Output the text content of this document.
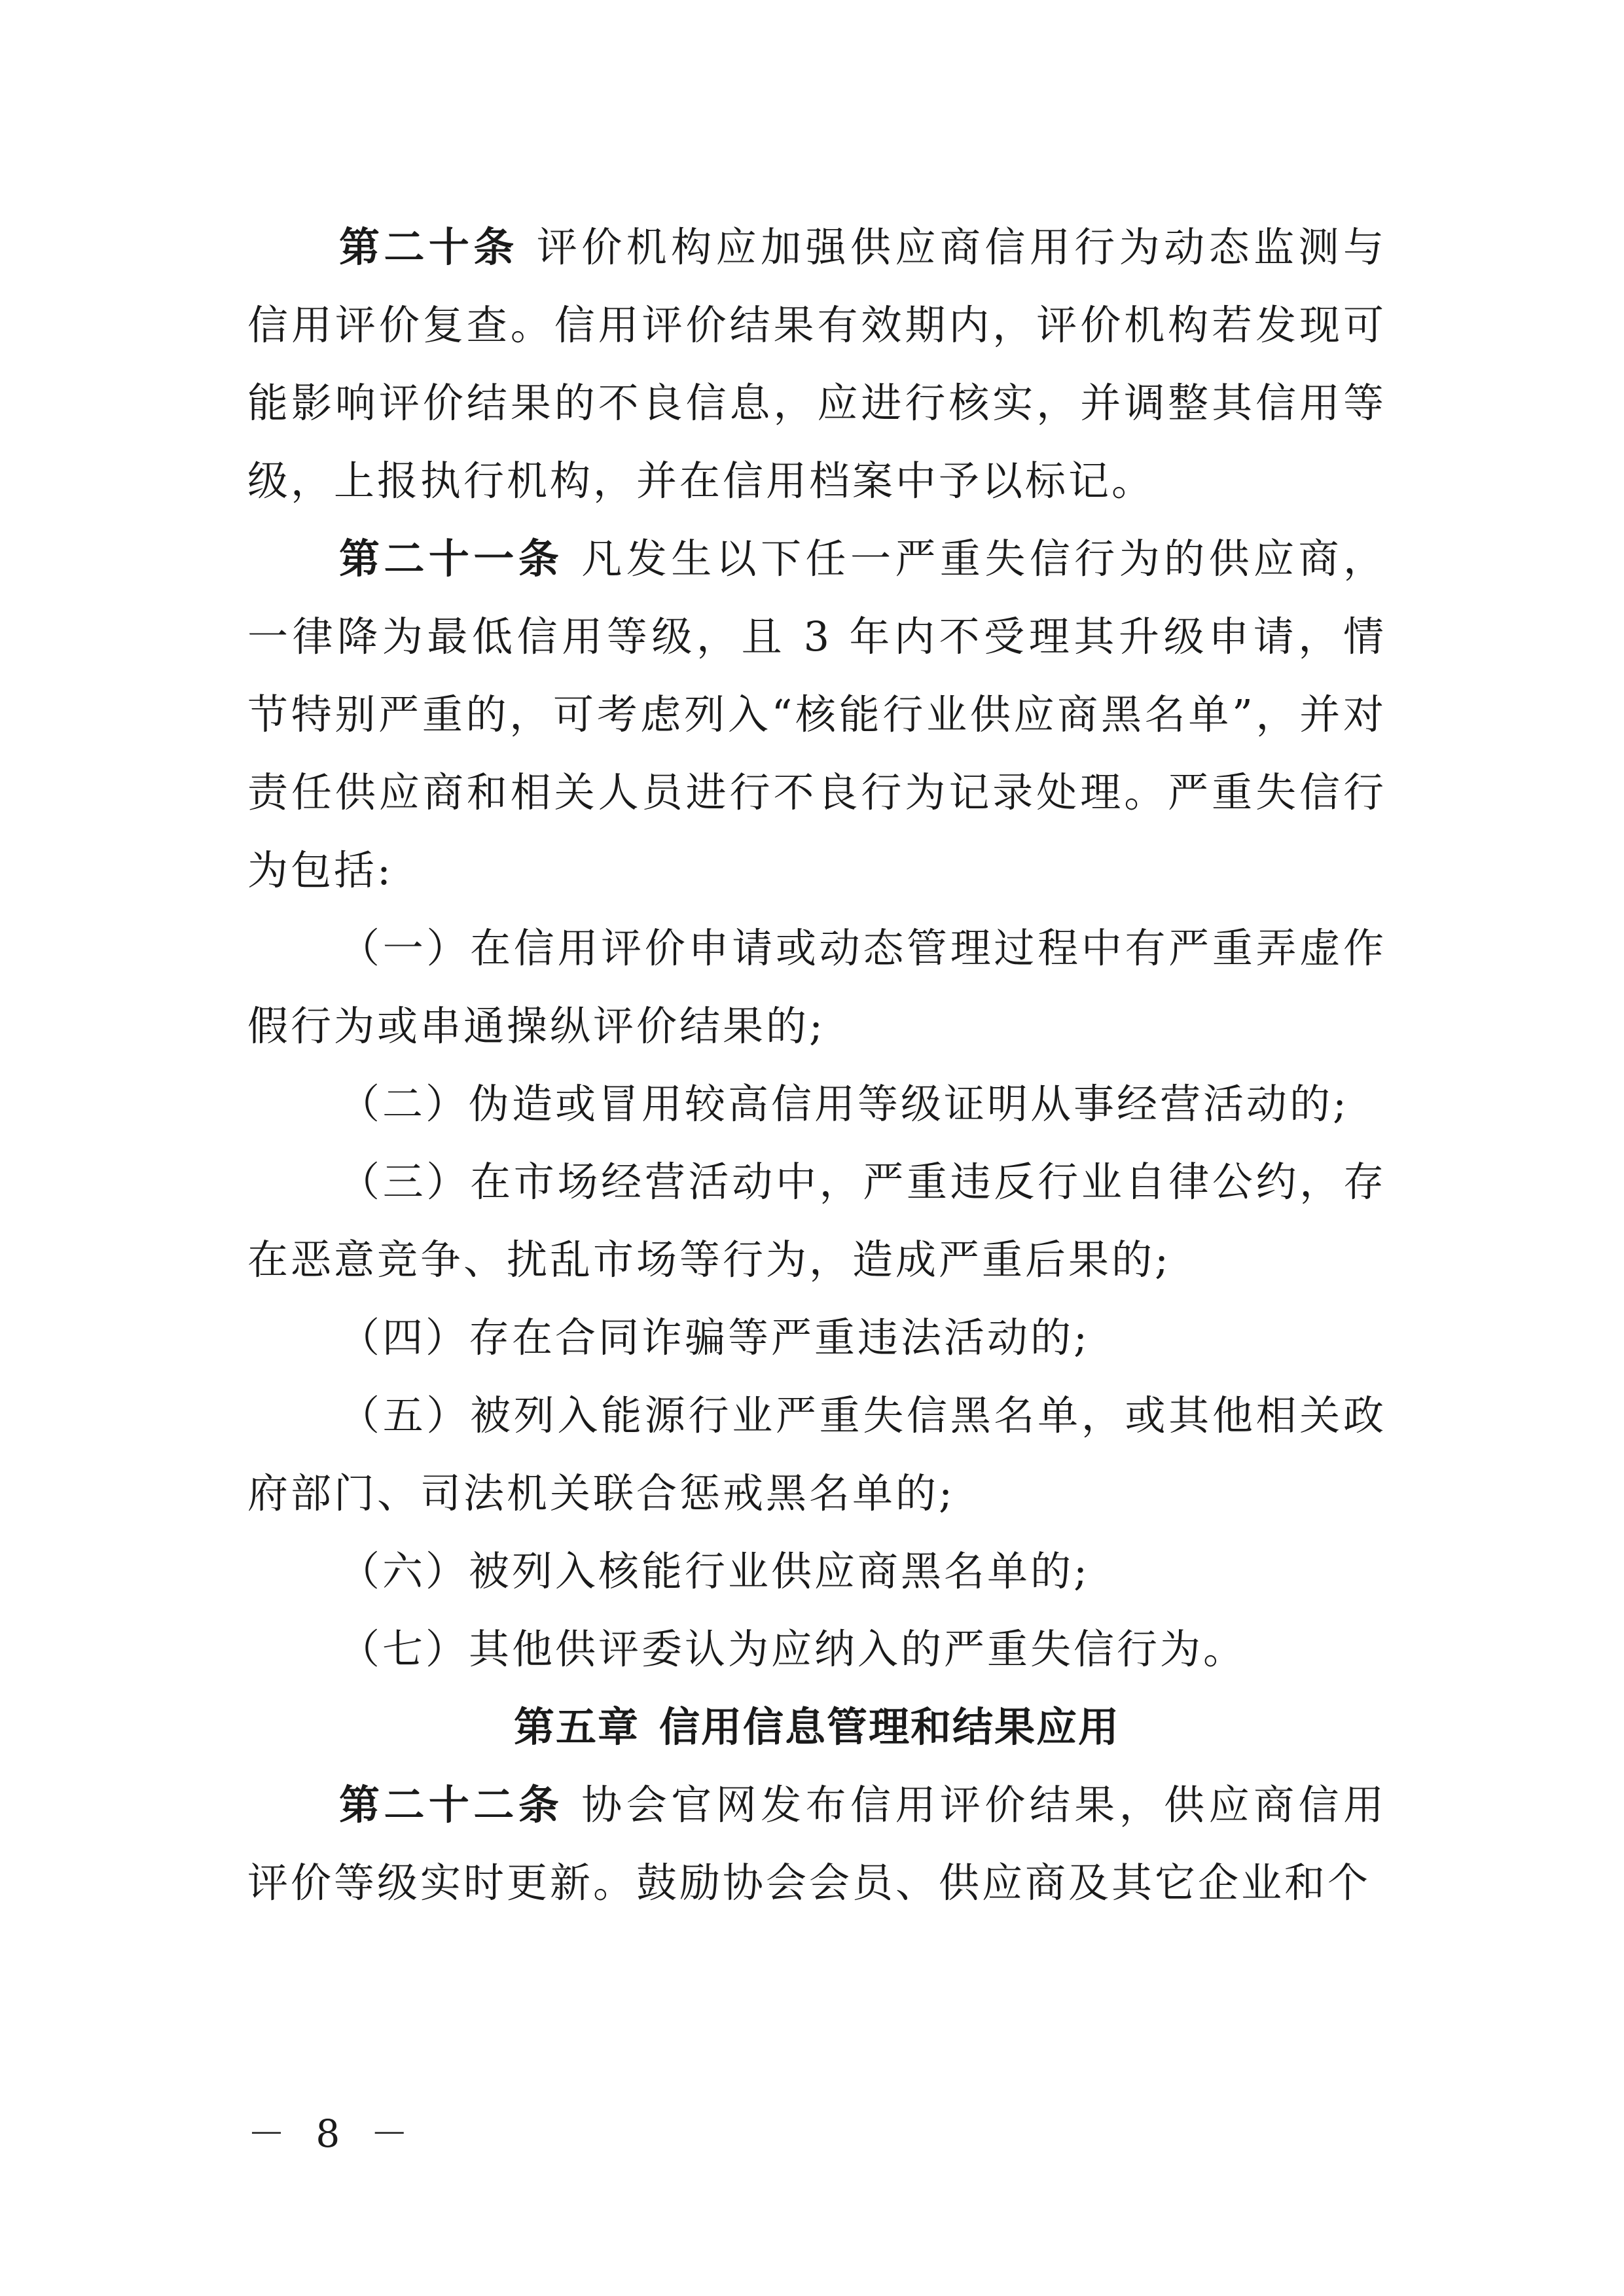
第二十条 评价机构应加强供应商信用行为动态监测与信用评价复查。信用评价结果有效期内，评价机构若发现可能影响评价结果的不良信息，应进行核实，并调整其信用等级，上报执行机构，并在信用档案中予以标记。

第二十一条 凡发生以下任一严重失信行为的供应商，一律降为最低信用等级，且 3 年内不受理其升级申请，情节特别严重的，可考虑列入“核能行业供应商黑名单”，并对责任供应商和相关人员进行不良行为记录处理。严重失信行为包括:

（一）在信用评价申请或动态管理过程中有严重弄虚作假行为或串通操纵评价结果的;

（二）伪造或冒用较高信用等级证明从事经营活动的;

（三）在市场经营活动中，严重违反行业自律公约，存在恶意竞争、扰乱市场等行为，造成严重后果的;

（四）存在合同诈骗等严重违法活动的;

（五）被列入能源行业严重失信黑名单，或其他相关政府部门、司法机关联合惩戒黑名单的;

（六）被列入核能行业供应商黑名单的;

（七）其他供评委认为应纳入的严重失信行为。

第五章 信用信息管理和结果应用

第二十二条 协会官网发布信用评价结果，供应商信用评价等级实时更新。鼓励协会会员、供应商及其它企业和个

－ 8 －
